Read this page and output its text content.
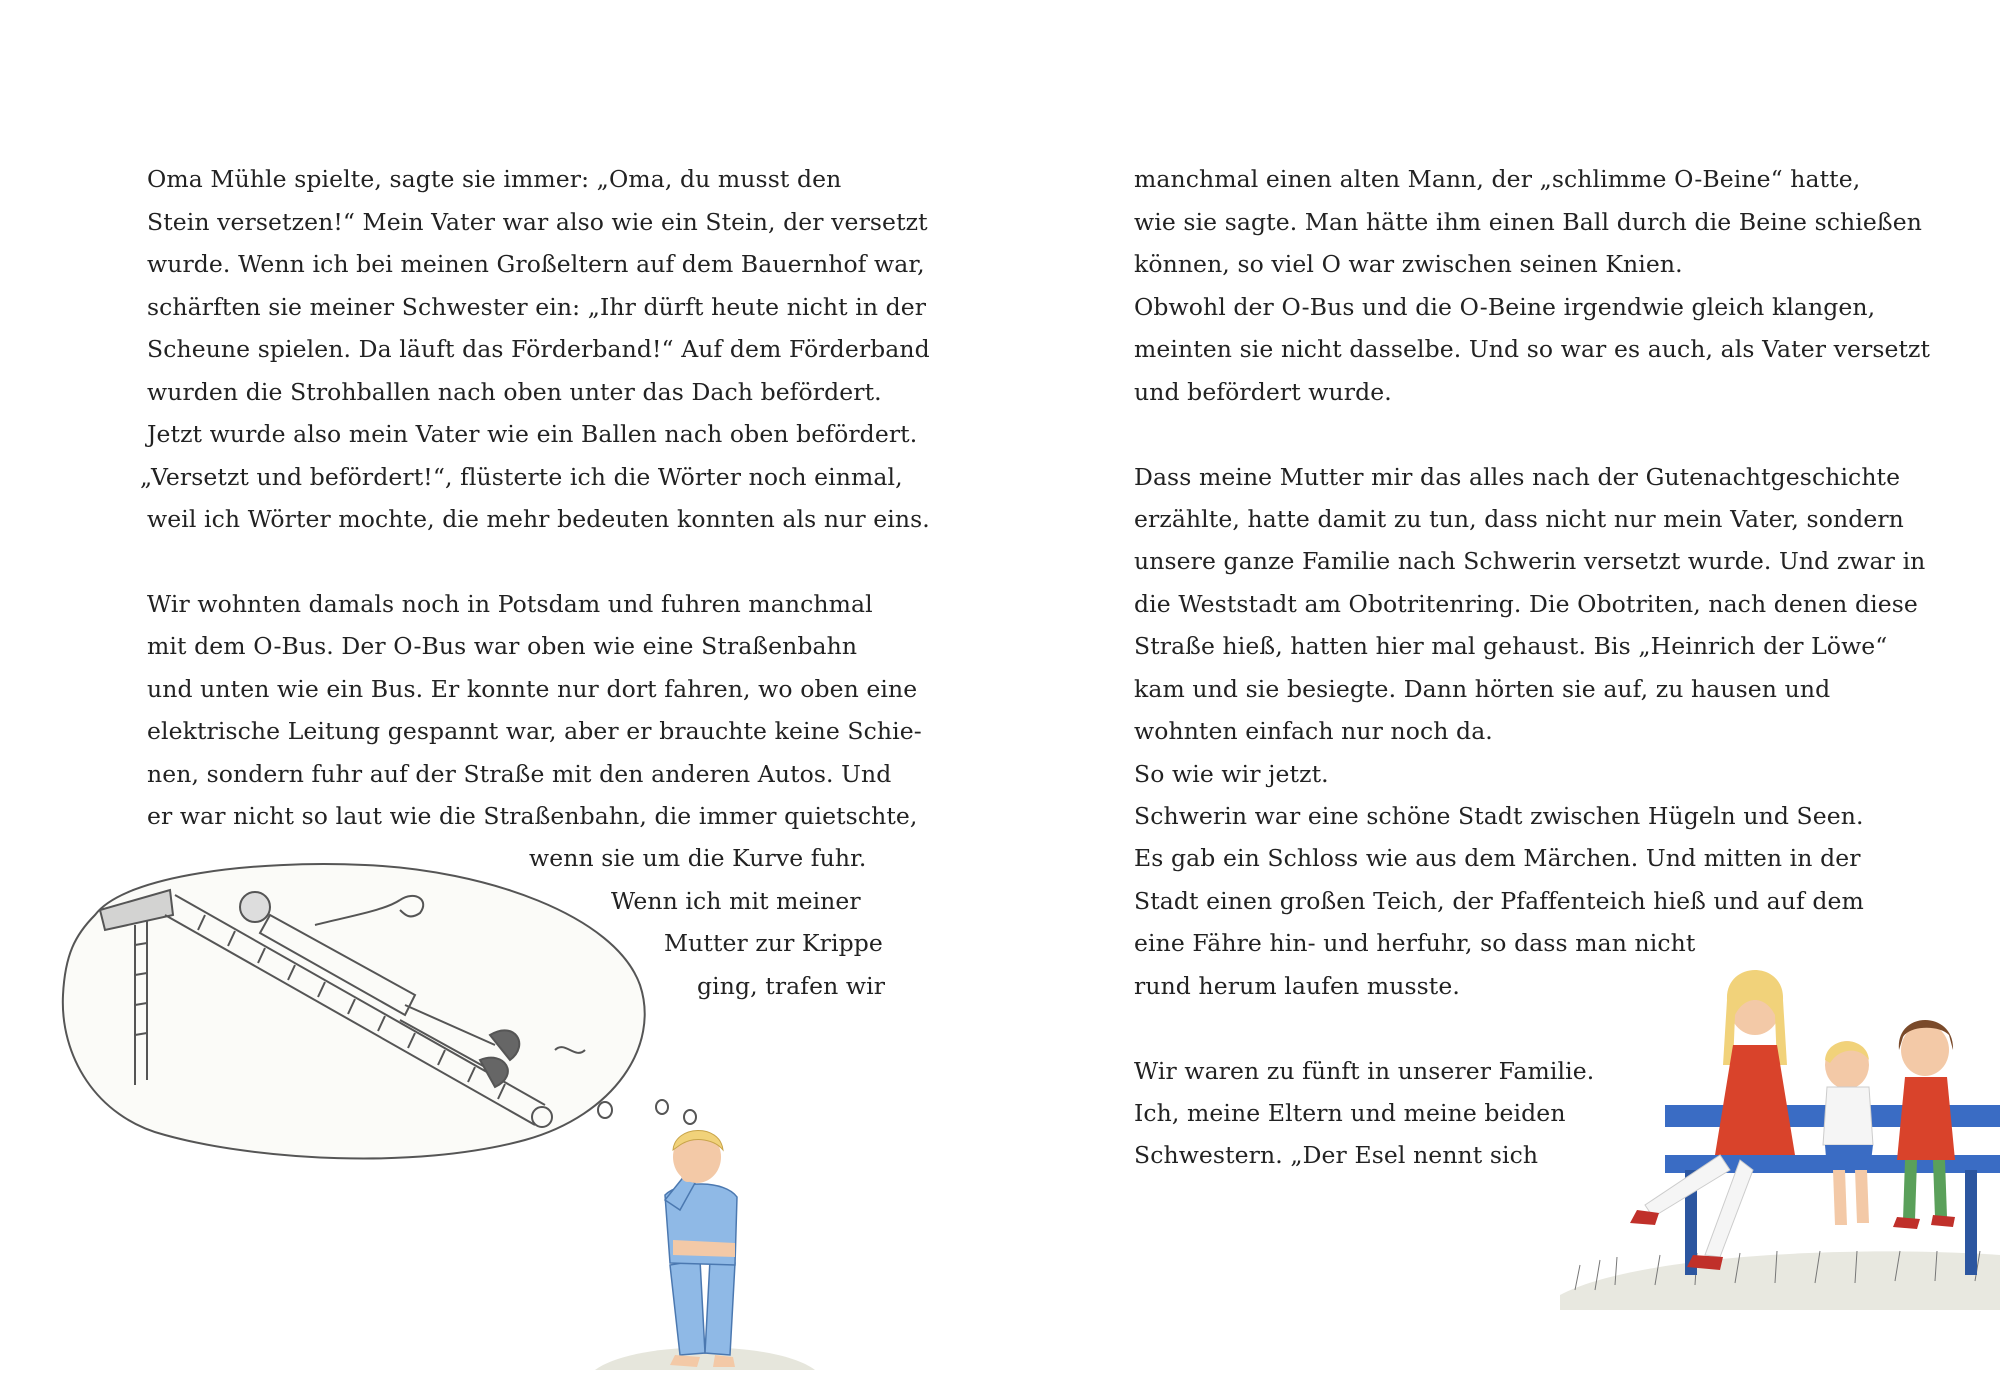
Oma Mühle spielte, sagte sie immer: „Oma, du musst den
Stein versetzen!“ Mein Vater war also wie ein Stein, der versetzt
wurde. Wenn ich bei meinen Großeltern auf dem Bauernhof war,
schärften sie meiner Schwester ein: „Ihr dürft heute nicht in der
Scheune spielen. Da läuft das Förderband!“ Auf dem Förderband
wurden die Strohballen nach oben unter das Dach befördert.
Jetzt wurde also mein Vater wie ein Ballen nach oben befördert.
„Versetzt und befördert!“, flüsterte ich die Wörter noch einmal,
weil ich Wörter mochte, die mehr bedeuten konnten als nur eins.
Wir wohnten damals noch in Potsdam und fuhren manchmal
mit dem O-Bus. Der O-Bus war oben wie eine Straßenbahn
und unten wie ein Bus. Er konnte nur dort fahren, wo oben eine
elektrische Leitung gespannt war, aber er brauchte keine Schie-
nen, sondern fuhr auf der Straße mit den anderen Autos. Und
er war nicht so laut wie die Straßenbahn, die immer quietschte,
wenn sie um die Kurve fuhr.
Wenn ich mit meiner
Mutter zur Krippe
ging, trafen wir
manchmal einen alten Mann, der „schlimme O-Beine“ hatte,
wie sie sagte. Man hätte ihm einen Ball durch die Beine schießen
können, so viel O war zwischen seinen Knien.
Obwohl der O-Bus und die O-Beine irgendwie gleich klangen,
meinten sie nicht dasselbe. Und so war es auch, als Vater versetzt
und befördert wurde.
Dass meine Mutter mir das alles nach der Gutenachtgeschichte
erzählte, hatte damit zu tun, dass nicht nur mein Vater, sondern
unsere ganze Familie nach Schwerin versetzt wurde. Und zwar in
die Weststadt am Obotritenring. Die Obotriten, nach denen diese
Straße hieß, hatten hier mal gehaust. Bis „Heinrich der Löwe“
kam und sie besiegte. Dann hörten sie auf, zu hausen und
wohnten einfach nur noch da.
So wie wir jetzt.
Schwerin war eine schöne Stadt zwischen Hügeln und Seen.
Es gab ein Schloss wie aus dem Märchen. Und mitten in der
Stadt einen großen Teich, der Pfaffenteich hieß und auf dem
eine Fähre hin- und herfuhr, so dass man nicht
rund herum laufen musste.
Wir waren zu fünft in unserer Familie.
Ich, meine Eltern und meine beiden
Schwestern. „Der Esel nennt sich
